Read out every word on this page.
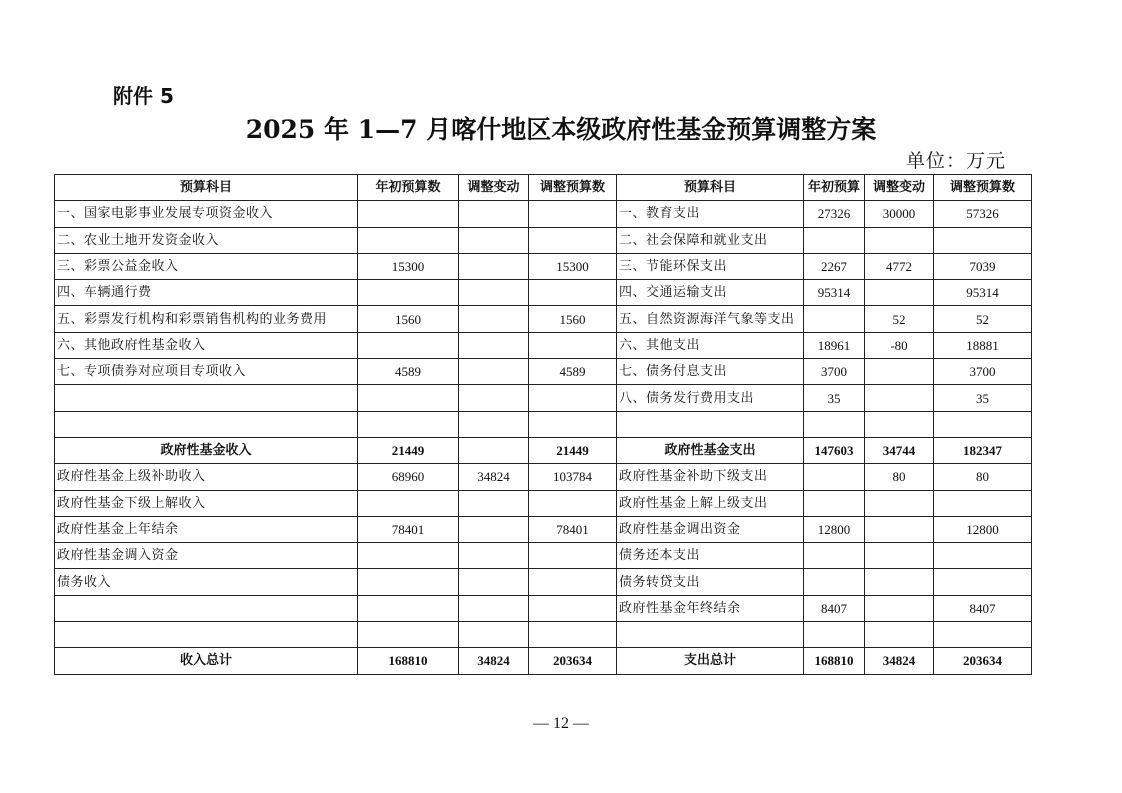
附件 5
2025 年 1—7 月喀什地区本级政府性基金预算调整方案
单位：万元
预算科目	年初预算数	调整变动	调整预算数	预算科目	年初预算	调整变动	调整预算数
一、国家电影事业发展专项资金收入				一、教育支出	27326	30000	57326
二、农业土地开发资金收入				二、社会保障和就业支出			
三、彩票公益金收入	15300		15300	三、节能环保支出	2267	4772	7039
四、车辆通行费				四、交通运输支出	95314		95314
五、彩票发行机构和彩票销售机构的业务费用	1560		1560	五、自然资源海洋气象等支出		52	52
六、其他政府性基金收入				六、其他支出	18961	-80	18881
七、专项债券对应项目专项收入	4589		4589	七、债务付息支出	3700		3700
				八、债务发行费用支出	35		35

政府性基金收入	21449		21449	政府性基金支出	147603	34744	182347
政府性基金上级补助收入	68960	34824	103784	政府性基金补助下级支出		80	80
政府性基金下级上解收入				政府性基金上解上级支出			
政府性基金上年结余	78401		78401	政府性基金调出资金	12800		12800
政府性基金调入资金				债务还本支出			
债务收入				债务转贷支出			
				政府性基金年终结余	8407		8407

收入总计	168810	34824	203634	支出总计	168810	34824	203634
— 12 —
